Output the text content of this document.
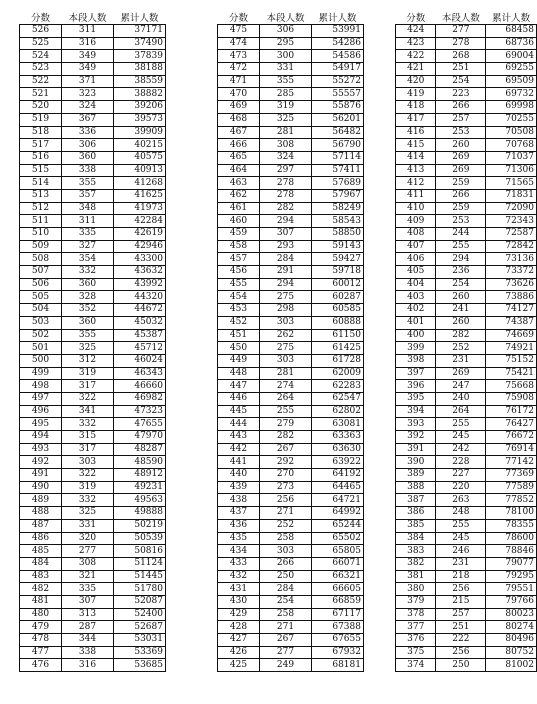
分数	本段人数	累计人数
526	311	37171
525	316	37490
524	349	37839
523	349	38188
522	371	38559
521	323	38882
520	324	39206
519	367	39573
518	336	39909
517	306	40215
516	360	40575
515	338	40913
514	355	41268
513	357	41625
512	348	41973
511	311	42284
510	335	42619
509	327	42946
508	354	43300
507	332	43632
506	360	43992
505	328	44320
504	352	44672
503	360	45032
502	355	45387
501	325	45712
500	312	46024
499	319	46343
498	317	46660
497	322	46982
496	341	47323
495	332	47655
494	315	47970
493	317	48287
492	303	48590
491	322	48912
490	319	49231
489	332	49563
488	325	49888
487	331	50219
486	320	50539
485	277	50816
484	308	51124
483	321	51445
482	335	51780
481	307	52087
480	313	52400
479	287	52687
478	344	53031
477	338	53369
476	316	53685
分数	本段人数	累计人数
475	306	53991
474	295	54286
473	300	54586
472	331	54917
471	355	55272
470	285	55557
469	319	55876
468	325	56201
467	281	56482
466	308	56790
465	324	57114
464	297	57411
463	278	57689
462	278	57967
461	282	58249
460	294	58543
459	307	58850
458	293	59143
457	284	59427
456	291	59718
455	294	60012
454	275	60287
453	298	60585
452	303	60888
451	262	61150
450	275	61425
449	303	61728
448	281	62009
447	274	62283
446	264	62547
445	255	62802
444	279	63081
443	282	63363
442	267	63630
441	292	63922
440	270	64192
439	273	64465
438	256	64721
437	271	64992
436	252	65244
435	258	65502
434	303	65805
433	266	66071
432	250	66321
431	284	66605
430	254	66859
429	258	67117
428	271	67388
427	267	67655
426	277	67932
425	249	68181
分数	本段人数	累计人数
424	277	68458
423	278	68736
422	268	69004
421	251	69255
420	254	69509
419	223	69732
418	266	69998
417	257	70255
416	253	70508
415	260	70768
414	269	71037
413	269	71306
412	259	71565
411	266	71831
410	259	72090
409	253	72343
408	244	72587
407	255	72842
406	294	73136
405	236	73372
404	254	73626
403	260	73886
402	241	74127
401	260	74387
400	282	74669
399	252	74921
398	231	75152
397	269	75421
396	247	75668
395	240	75908
394	264	76172
393	255	76427
392	245	76672
391	242	76914
390	228	77142
389	227	77369
388	220	77589
387	263	77852
386	248	78100
385	255	78355
384	245	78600
383	246	78846
382	231	79077
381	218	79295
380	256	79551
379	215	79766
378	257	80023
377	251	80274
376	222	80496
375	256	80752
374	250	81002
